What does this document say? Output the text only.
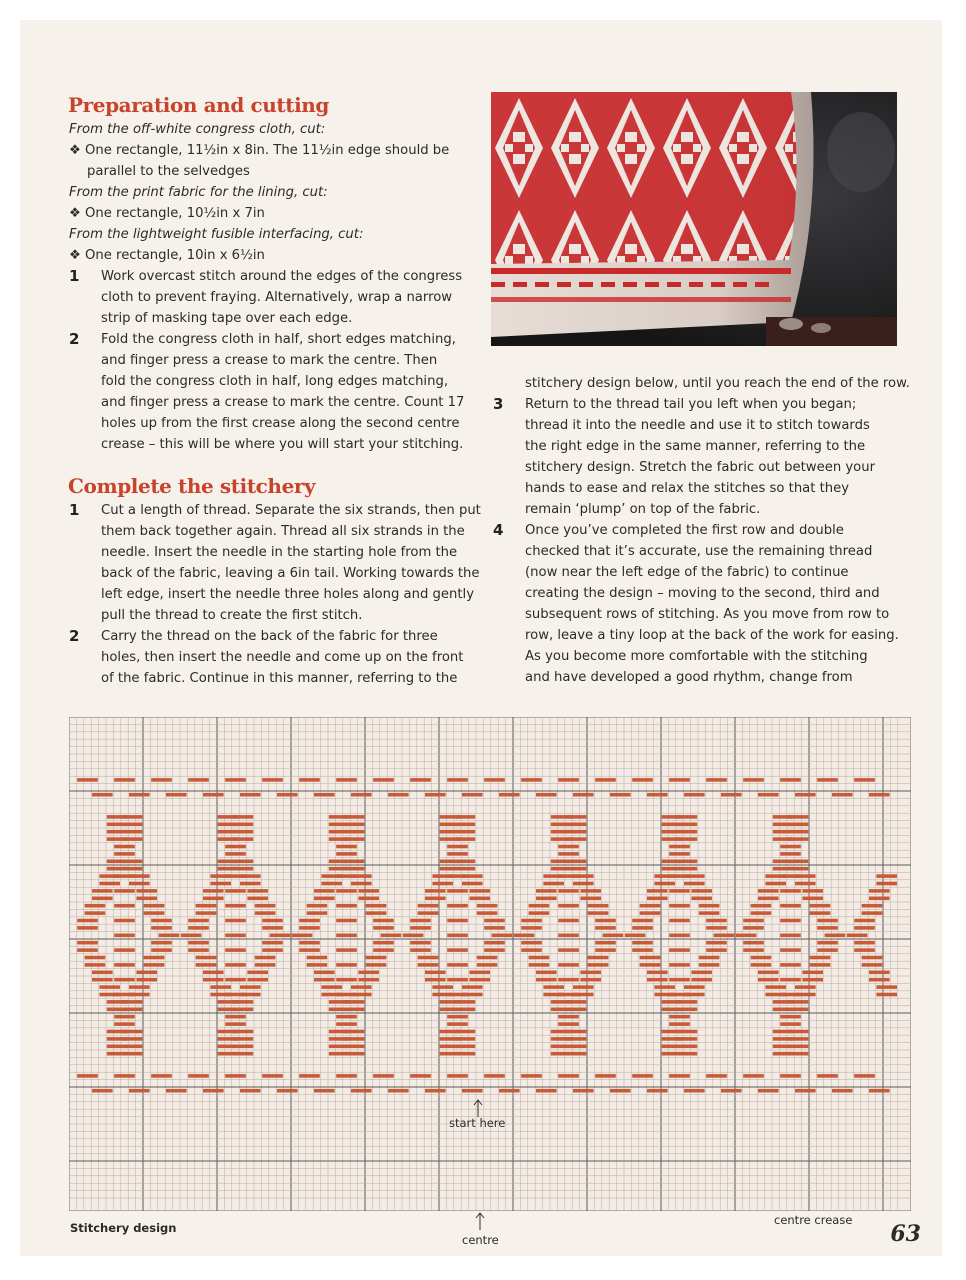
Preparation and cutting
From the off-white congress cloth, cut:
❖ One rectangle, 11½in x 8in. The 11½in edge should be
parallel to the selvedges
From the print fabric for the lining, cut:
❖ One rectangle, 10½in x 7in
From the lightweight fusible interfacing, cut:
❖ One rectangle, 10in x 6½in
1 Work overcast stitch around the edges of the congress
cloth to prevent fraying. Alternatively, wrap a narrow
strip of masking tape over each edge.
2 Fold the congress cloth in half, short edges matching,
and finger press a crease to mark the centre. Then
fold the congress cloth in half, long edges matching,
and finger press a crease to mark the centre. Count 17
holes up from the first crease along the second centre
crease – this will be where you will start your stitching.
Complete the stitchery
1 Cut a length of thread. Separate the six strands, then put
them back together again. Thread all six strands in the
needle. Insert the needle in the starting hole from the
back of the fabric, leaving a 6in tail. Working towards the
left edge, insert the needle three holes along and gently
pull the thread to create the first stitch.
2 Carry the thread on the back of the fabric for three
holes, then insert the needle and come up on the front
of the fabric. Continue in this manner, referring to the
stitchery design below, until you reach the end of the row.
3 Return to the thread tail you left when you began;
thread it into the needle and use it to stitch towards
the right edge in the same manner, referring to the
stitchery design. Stretch the fabric out between your
hands to ease and relax the stitches so that they
remain ‘plump’ on top of the fabric.
4 Once you’ve completed the first row and double
checked that it’s accurate, use the remaining thread
(now near the left edge of the fabric) to continue
creating the design – moving to the second, third and
subsequent rows of stitching. As you move from row to
row, leave a tiny loop at the back of the work for easing.
As you become more comfortable with the stitching
and have developed a good rhythm, change from
start here
Stitchery design
centre
centre crease
63
